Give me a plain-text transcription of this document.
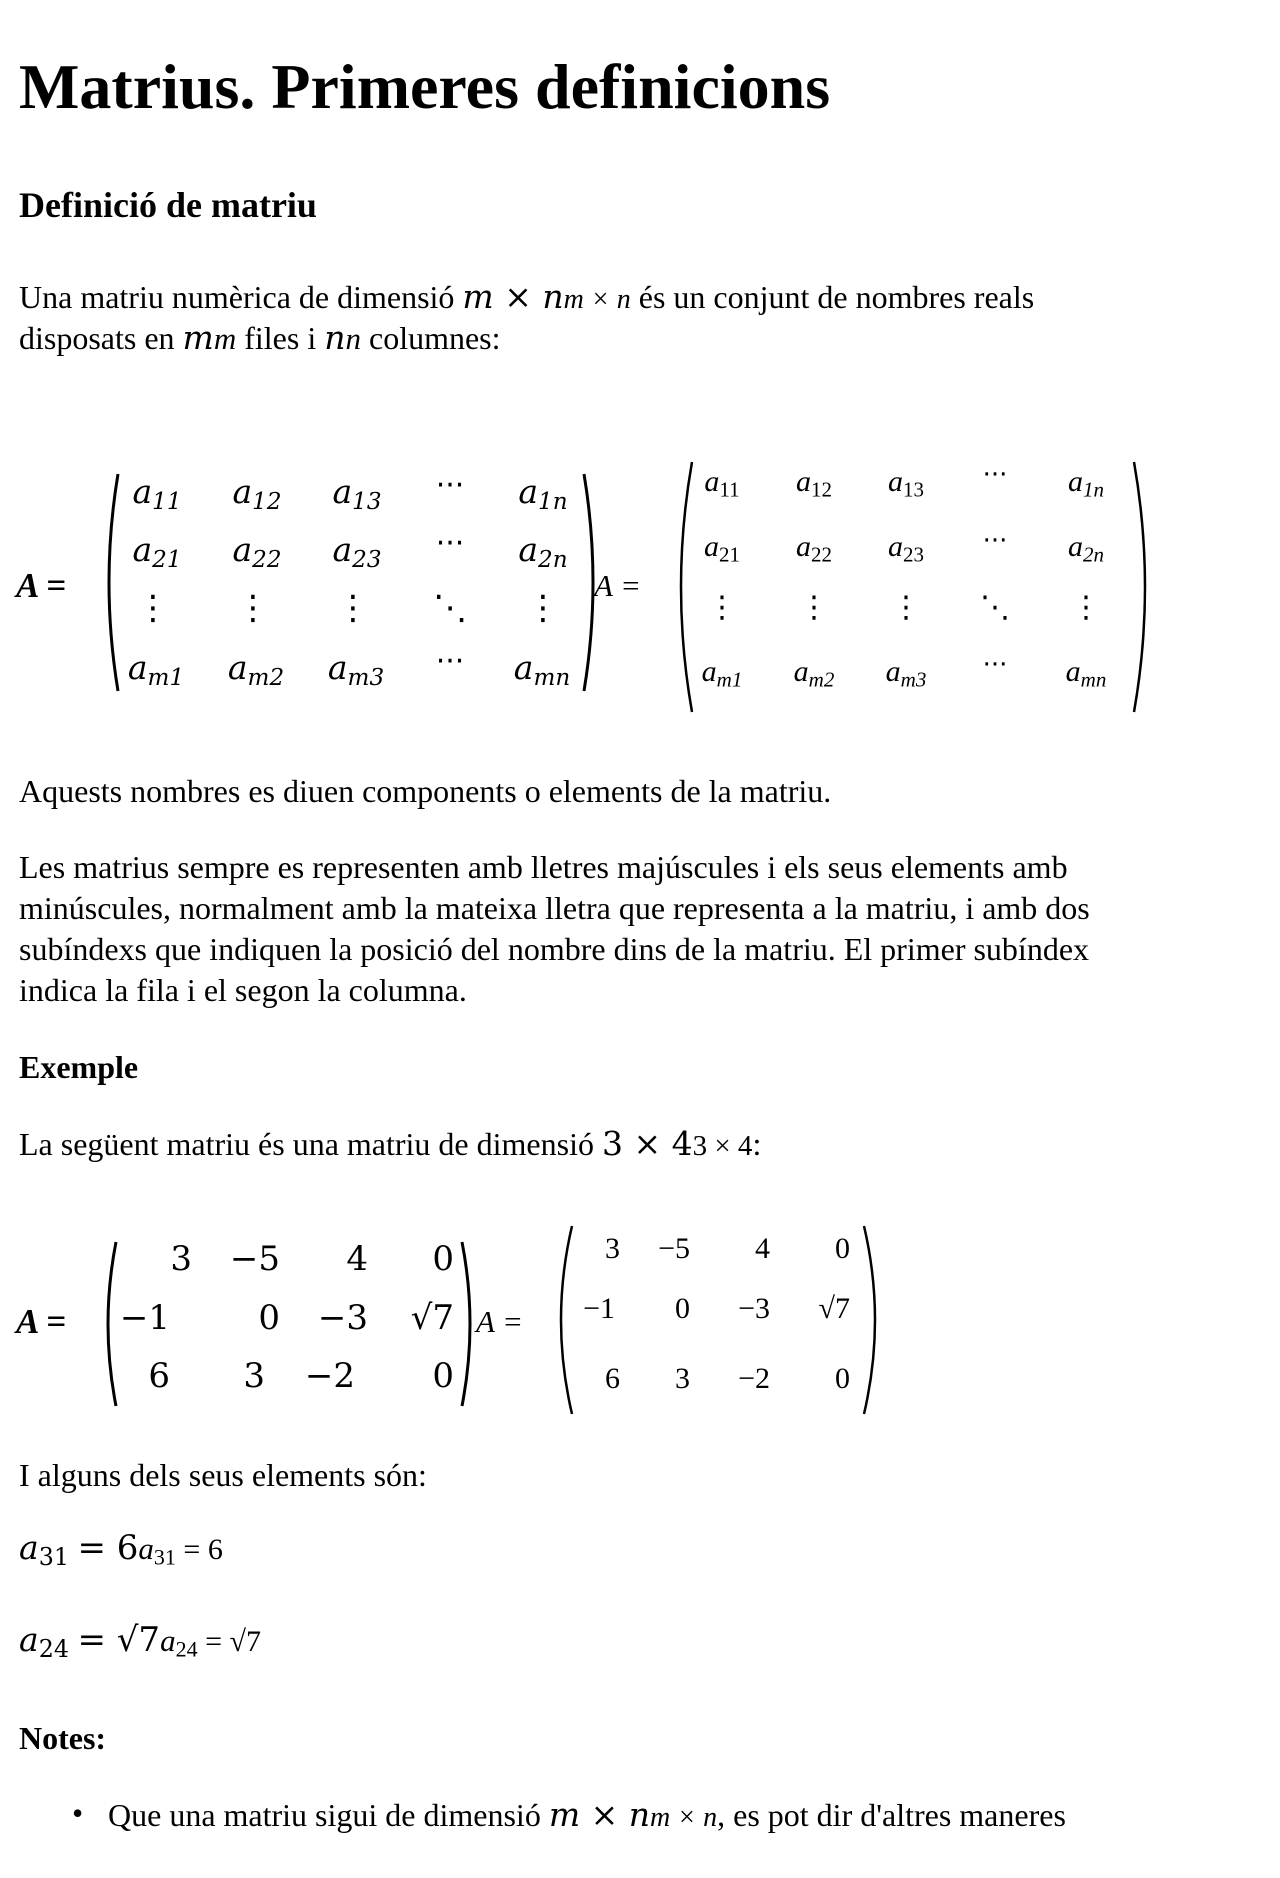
Matrius. Primeres definicions
Definició de matriu
Una matriu numèrica de dimensió m × nm × n és un conjunt de nombres reals
disposats en mm files i nn columnes:
A =
$a_{11}$	$a_{12}$	$a_{13}$	···	$a_{1n}$
$a_{21}$	$a_{22}$	$a_{23}$	···	$a_{2n}$
⋮ ⋮ ⋮ ⋱ ⋮
$a_{m1}$	$a_{m2}$	$a_{m3}$	···	$a_{mn}$
A =
$a_{11}$	$a_{12}$	$a_{13}$	···	$a_{1n}$
$a_{21}$	$a_{22}$	$a_{23}$	···	$a_{2n}$
⋮	⋮	⋮	⋱	⋮
$a_{m1}$	$a_{m2}$	$a_{m3}$	···	$a_{mn}$
Aquests nombres es diuen components o elements de la matriu.
Les matrius sempre es representen amb lletres majúscules i els seus elements amb
minúscules, normalment amb la mateixa lletra que representa a la matriu, i amb dos
subíndexs que indiquen la posició del nombre dins de la matriu. El primer subíndex
indica la fila i el segon la columna.
Exemple
La següent matriu és una matriu de dimensió 3 × 43 × 4:
A =
3	−5	4	0
−1	0	−3	√7
6	3	−2	0
A =
3	−5	4	0
−1	0	−3	√7
6	3	−2	0
I alguns dels seus elements són:
$a_{31} = 6a_{31} = 6$
$a_{24} = √7a_{24} = √7$
Notes:
• Que una matriu sigui de dimensió m × nm × n, es pot dir d'altres maneres
